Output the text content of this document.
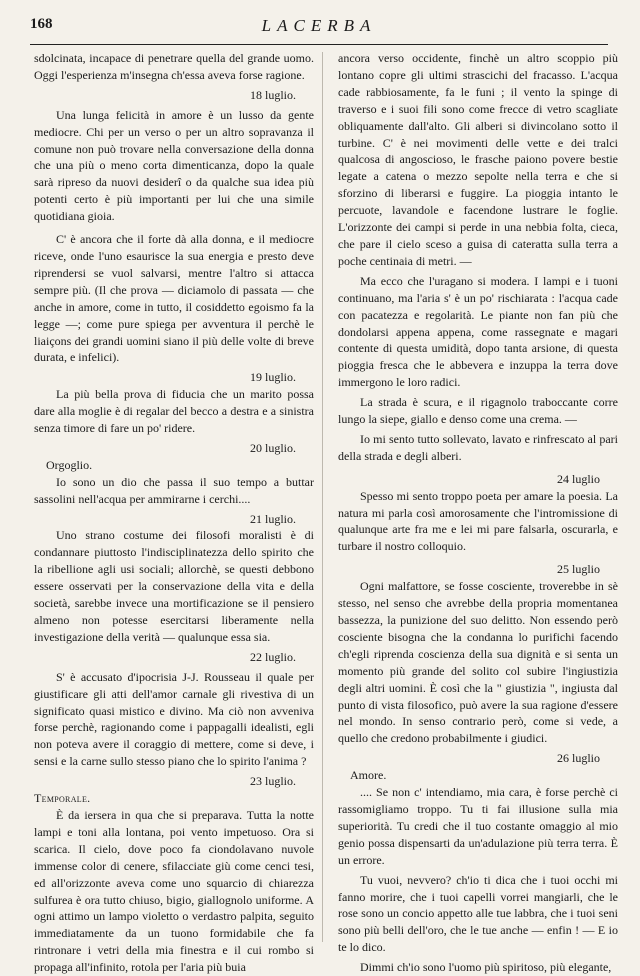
168	LACERBA

sdolcinata, incapace di penetrare quella del grande uomo. Oggi l'esperienza m'insegna ch'essa aveva forse ragione.

18 luglio.

Una lunga felicità in amore è un lusso da gente mediocre. Chi per un verso o per un altro sopravanza il comune non può trovare nella conversazione della donna che una più o meno corta dimenticanza, dopo la quale sarà ripreso da nuovi desiderî o da qualche sua idea più potenti certo è più importanti per lui che una simile quotidiana gioia.

C' è ancora che il forte dà alla donna, e il mediocre riceve, onde l'uno esaurisce la sua energia e presto deve riprendersi se vuol salvarsi, mentre l'altro si attacca sempre più. (Il che prova — diciamolo di passata — che anche in amore, come in tutto, il cosiddetto egoismo fa la legge —; come pure spiega per avventura il perchè le liaiçons dei grandi uomini siano il più delle volte di breve durata, e infelici).

19 luglio.

La più bella prova di fiducia che un marito possa dare alla moglie è di regalar del becco a destra e a sinistra senza timore di fare un po' ridere.

20 luglio.

Orgoglio.

Io sono un dio che passa il suo tempo a buttar sassolini nell'acqua per ammirarne i cerchi....

21 luglio.

Uno strano costume dei filosofi moralisti è di condannare piuttosto l'indisciplinatezza dello spirito che la ribellione agli usi sociali; allorchè, se questi debbono essere osservati per la conservazione della vita e della società, sarebbe invece una mortificazione se il pensiero almeno non potesse esercitarsi liberamente nella investigazione della verità — qualunque essa sia.

22 luglio.

S' è accusato d'ipocrisia J-J. Rousseau il quale per giustificare gli atti dell'amor carnale gli rivestiva di un significato quasi mistico e divino. Ma ciò non avveniva forse perchè, ragionando come i pappagalli idealisti, egli non poteva avere il coraggio di mettere, come si deve, i sensi e la carne sullo stesso piano che lo spirito l'anima ?

23 luglio.

Temporale.

È da iersera in qua che si preparava. Tutta la notte lampi e toni alla lontana, poi vento impetuoso. Ora si scarica. Il cielo, dove poco fa ciondolavano nuvole immense color di cenere, sfilacciate giù come cenci tesi, ed all'orizzonte aveva come uno squarcio di chiarezza sulfurea è ora tutto chiuso, bigio, giallognolo uniforme. A ogni attimo un lampo violetto o verdastro palpita, seguito immediatamente da un tuono formidabile che fa rintronare i vetri della mia finestra e il cui rombo si propaga all'infinito, rotola per l'aria più buia

ancora verso occidente, finchè un altro scoppio più lontano copre gli ultimi strascichi del fracasso. L'acqua cade rabbiosamente, fa le funi ; il vento la spinge di traverso e i suoi fili sono come frecce di vetro scagliate obliquamente dall'alto. Gli alberi si divincolano sotto il turbine. C' è nei movimenti delle vette e dei tralci qualcosa di angoscioso, le frasche paiono povere bestie legate a catena o mezzo sepolte nella terra e che si sforzino di liberarsi e fuggire. La pioggia intanto le percuote, lavandole e facendone lustrare le foglie. L'orizzonte dei campi si perde in una nebbia folta, cieca, che pare il cielo sceso a guisa di cateratta sulla terra a poche centinaia di metri. —

Ma ecco che l'uragano si modera. I lampi e i tuoni continuano, ma l'aria s' è un po' rischiarata : l'acqua cade con pacatezza e regolarità. Le piante non fan più che dondolarsi appena appena, come rassegnate e magari contente di questa umidità, dopo tanta arsione, di questa pioggia fresca che le abbevera e inzuppa la terra dove immergono le loro radici.

La strada è scura, e il rigagnolo traboccante corre lungo la siepe, giallo e denso come una crema. —

Io mi sento tutto sollevato, lavato e rinfrescato al pari della strada e degli alberi.

24 luglio

Spesso mi sento troppo poeta per amare la poesia. La natura mi parla così amorosamente che l'intromissione di qualunque arte fra me e lei mi pare falsarla, oscurarla, e turbare il nostro colloquio.

25 luglio

Ogni malfattore, se fosse cosciente, troverebbe in sè stesso, nel senso che avrebbe della propria momentanea bassezza, la punizione del suo delitto. Non essendo però cosciente bisogna che la condanna lo purifichi facendo ch'egli riprenda coscienza della sua dignità e si senta un momento più grande del solito col subire l'ingiustizia degli altri uomini. È così che la " giustizia ", ingiusta dal punto di vista filosofico, può avere la sua ragione d'essere nel mondo. In senso contrario però, come si vede, a quello che credono probabilmente i giudici.

26 luglio

Amore.

.... Se non c' intendiamo, mia cara, è forse perchè ci rassomigliamo troppo. Tu ti fai illusione sulla mia superiorità. Tu credi che il tuo costante omaggio al mio genio possa dispensarti da un'adulazione più terra terra. È un errore.

Tu vuoi, nevvero? ch'io ti dica che i tuoi occhi mi fanno morire, che i tuoi capelli vorrei mangiarli, che le rose sono un concio appetto alle tue labbra, che i tuoi seni sono più belli dell'oro, che le tue anche — enfin ! — E io te lo dico.

Dimmi ch'io sono l'uomo più spiritoso, più elegante,
